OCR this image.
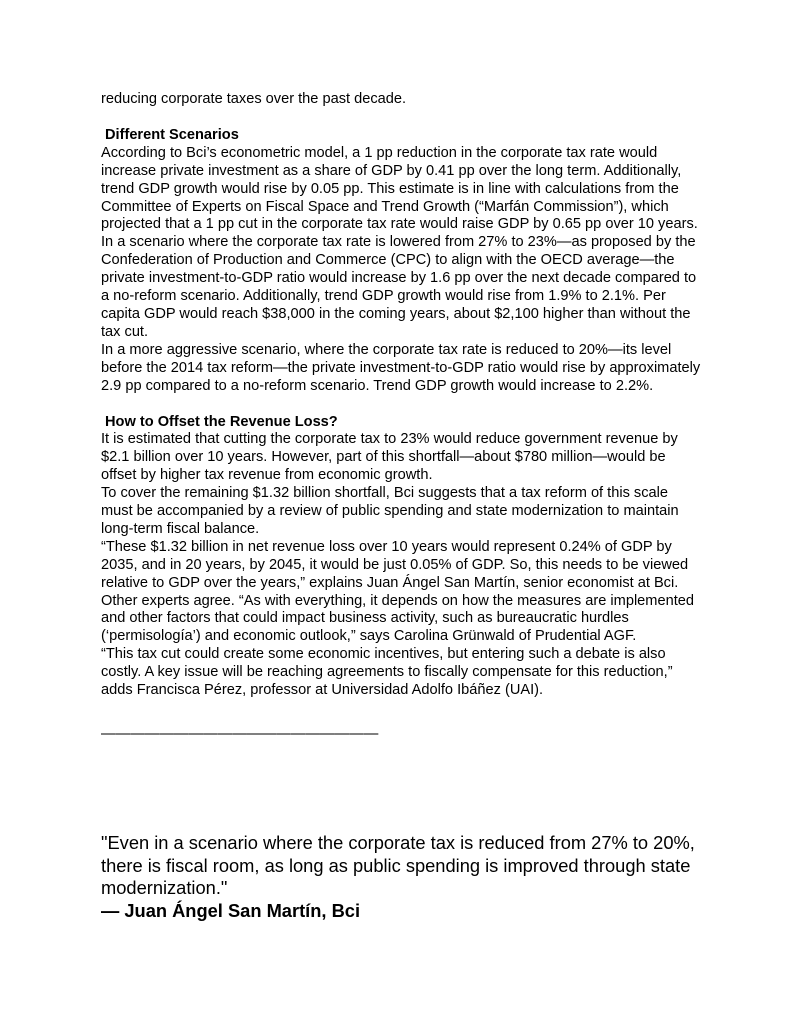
reducing corporate taxes over the past decade.

Different Scenarios

According to Bci’s econometric model, a 1 pp reduction in the corporate tax rate would increase private investment as a share of GDP by 0.41 pp over the long term. Additionally, trend GDP growth would rise by 0.05 pp. This estimate is in line with calculations from the Committee of Experts on Fiscal Space and Trend Growth (“Marfán Commission”), which projected that a 1 pp cut in the corporate tax rate would raise GDP by 0.65 pp over 10 years.

In a scenario where the corporate tax rate is lowered from 27% to 23%—as proposed by the Confederation of Production and Commerce (CPC) to align with the OECD average—the private investment-to-GDP ratio would increase by 1.6 pp over the next decade compared to a no-reform scenario. Additionally, trend GDP growth would rise from 1.9% to 2.1%. Per capita GDP would reach $38,000 in the coming years, about $2,100 higher than without the tax cut.

In a more aggressive scenario, where the corporate tax rate is reduced to 20%—its level before the 2014 tax reform—the private investment-to-GDP ratio would rise by approximately 2.9 pp compared to a no-reform scenario. Trend GDP growth would increase to 2.2%.

How to Offset the Revenue Loss?

It is estimated that cutting the corporate tax to 23% would reduce government revenue by $2.1 billion over 10 years. However, part of this shortfall—about $780 million—would be offset by higher tax revenue from economic growth.

To cover the remaining $1.32 billion shortfall, Bci suggests that a tax reform of this scale must be accompanied by a review of public spending and state modernization to maintain long-term fiscal balance.

“These $1.32 billion in net revenue loss over 10 years would represent 0.24% of GDP by 2035, and in 20 years, by 2045, it would be just 0.05% of GDP. So, this needs to be viewed relative to GDP over the years,” explains Juan Ángel San Martín, senior economist at Bci.

Other experts agree. “As with everything, it depends on how the measures are implemented and other factors that could impact business activity, such as bureaucratic hurdles (‘permisología’) and economic outlook,” says Carolina Grünwald of Prudential AGF.

“This tax cut could create some economic incentives, but entering such a debate is also costly. A key issue will be reaching agreements to fiscally compensate for this reduction,” adds Francisca Pérez, professor at Universidad Adolfo Ibáñez (UAI).

———————————————————

"Even in a scenario where the corporate tax is reduced from 27% to 20%, there is fiscal room, as long as public spending is improved through state modernization."

— Juan Ángel San Martín, Bci
